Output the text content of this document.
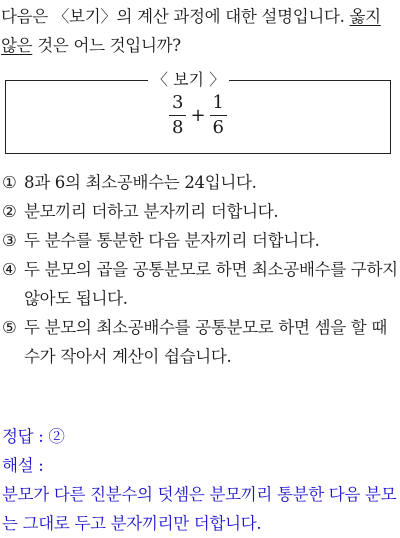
다음은 〈보기〉의 계산 과정에 대한 설명입니다. 옳지 않은 것은 어느 것입니까?

〈 보기 〉
$\frac{3}{8} + \frac{1}{6}$
① 8과 6의 최소공배수는 24입니다.
② 분모끼리 더하고 분자끼리 더합니다.
③ 두 분수를 통분한 다음 분자끼리 더합니다.
④ 두 분모의 곱을 공통분모로 하면 최소공배수를 구하지 않아도 됩니다.
⑤ 두 분모의 최소공배수를 공통분모로 하면 셈을 할 때 수가 작아서 계산이 쉽습니다.
정답 : ②
해설 :
분모가 다른 진분수의 덧셈은 분모끼리 통분한 다음 분모는 그대로 두고 분자끼리만 더합니다.
